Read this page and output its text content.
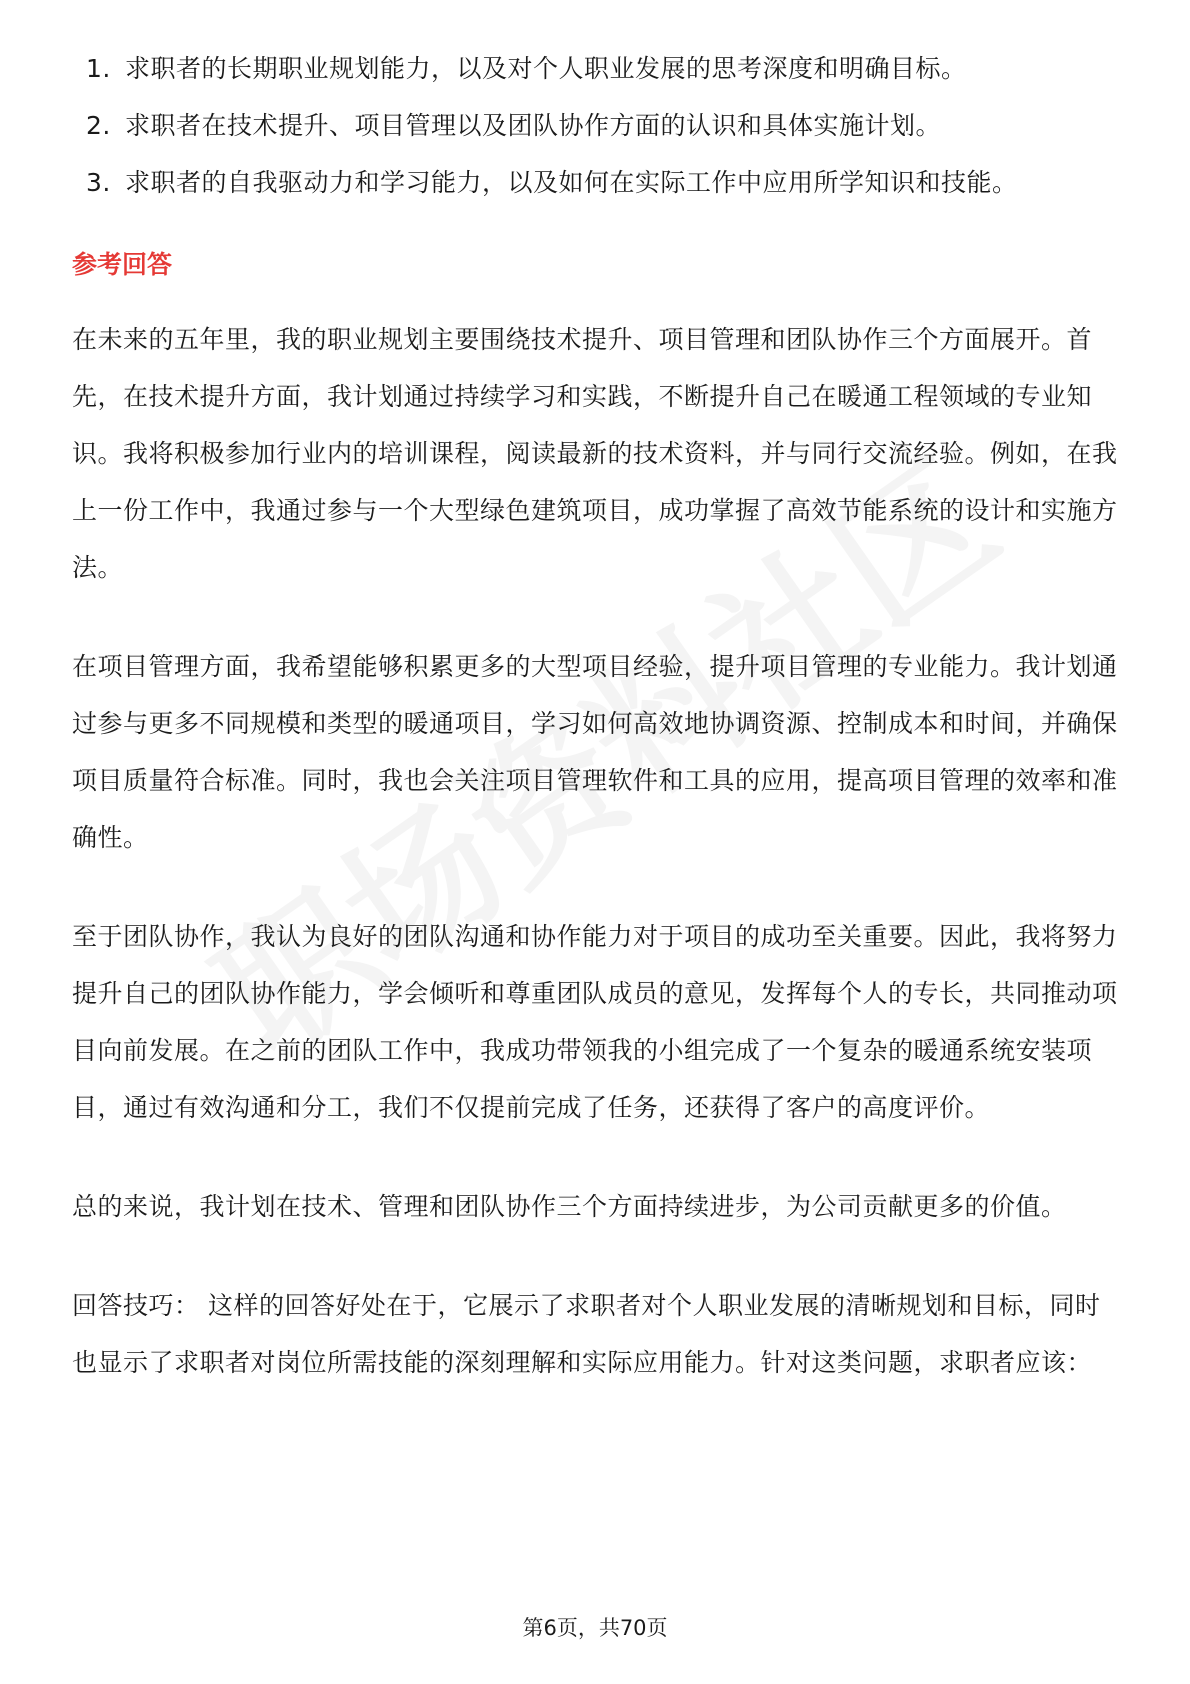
1. 求职者的长期职业规划能力，以及对个人职业发展的思考深度和明确目标。
2. 求职者在技术提升、项目管理以及团队协作方面的认识和具体实施计划。
3. 求职者的自我驱动力和学习能力，以及如何在实际工作中应用所学知识和技能。
参考回答

在未来的五年里，我的职业规划主要围绕技术提升、项目管理和团队协作三个方面展开。首先，在技术提升方面，我计划通过持续学习和实践，不断提升自己在暖通工程领域的专业知识。我将积极参加行业内的培训课程，阅读最新的技术资料，并与同行交流经验。例如，在我上一份工作中，我通过参与一个大型绿色建筑项目，成功掌握了高效节能系统的设计和实施方法。

在项目管理方面，我希望能够积累更多的大型项目经验，提升项目管理的专业能力。我计划通过参与更多不同规模和类型的暖通项目，学习如何高效地协调资源、控制成本和时间，并确保项目质量符合标准。同时，我也会关注项目管理软件和工具的应用，提高项目管理的效率和准确性。

至于团队协作，我认为良好的团队沟通和协作能力对于项目的成功至关重要。因此，我将努力提升自己的团队协作能力，学会倾听和尊重团队成员的意见，发挥每个人的专长，共同推动项目向前发展。在之前的团队工作中，我成功带领我的小组完成了一个复杂的暖通系统安装项目，通过有效沟通和分工，我们不仅提前完成了任务，还获得了客户的高度评价。

总的来说，我计划在技术、管理和团队协作三个方面持续进步，为公司贡献更多的价值。

回答技巧： 这样的回答好处在于，它展示了求职者对个人职业发展的清晰规划和目标，同时也显示了求职者对岗位所需技能的深刻理解和实际应用能力。针对这类问题，求职者应该：

第6页，共70页
